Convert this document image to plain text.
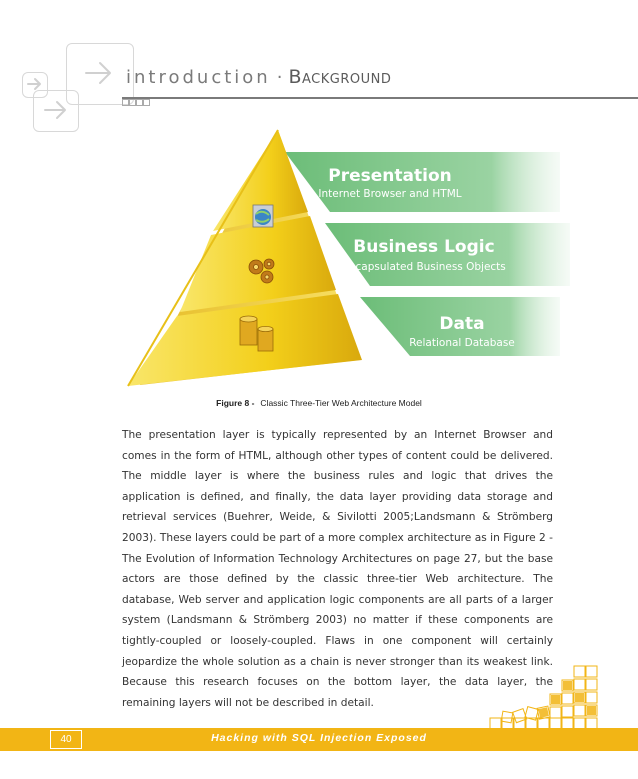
introduction · Background
Presentation
Internet Browser and HTML
Business Logic
Encapsulated Business Objects
Data
Relational Database
Figure 8 - Classic Three-Tier Web Architecture Model
The presentation layer is typically represented by an Internet Browser and comes in the form of HTML, although other types of content could be delivered. The middle layer is where the business rules and logic that drives the application is defined, and finally, the data layer providing data storage and retrieval services (Buehrer, Weide, & Sivilotti 2005;Landsmann & Strömberg 2003). These layers could be part of a more complex architecture as in Figure 2 - The Evolution of Information Technology Architectures on page 27, but the base actors are those defined by the classic three-tier Web architecture. The database, Web server and application logic components are all parts of a larger system (Landsmann & Strömberg 2003) no matter if these components are tightly-coupled or loosely-coupled. Flaws in one component will certainly jeopardize the whole solution as a chain is never stronger than its weakest link. Because this research focuses on the bottom layer, the data layer, the remaining layers will not be described in detail.
40	Hacking with SQL Injection Exposed
